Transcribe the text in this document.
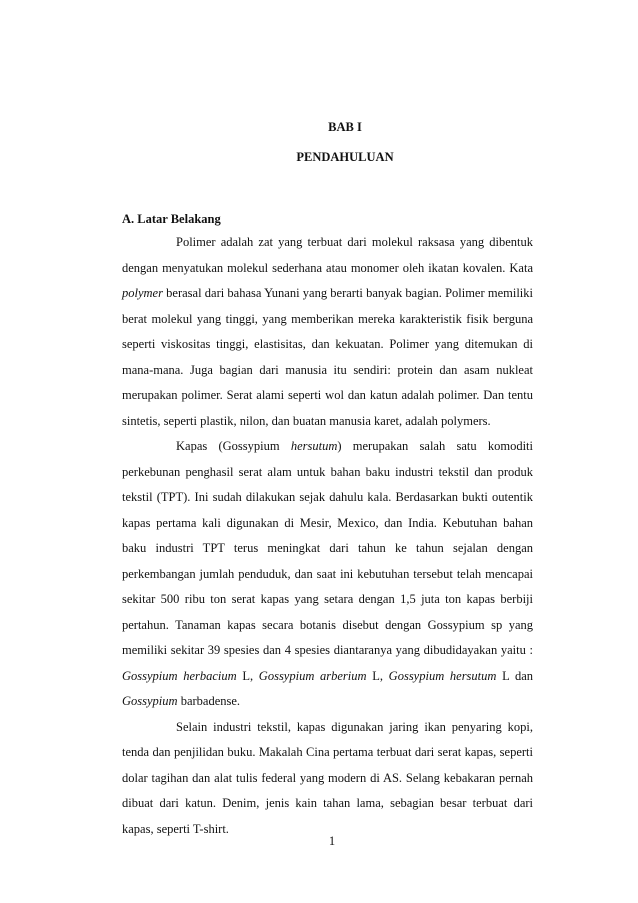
BAB I
PENDAHULUAN
A. Latar Belakang

Polimer adalah zat yang terbuat dari molekul raksasa yang dibentuk dengan menyatukan molekul sederhana atau monomer oleh ikatan kovalen. Kata polymer berasal dari bahasa Yunani yang berarti banyak bagian. Polimer memiliki berat molekul yang tinggi, yang memberikan mereka karakteristik fisik berguna seperti viskositas tinggi, elastisitas, dan kekuatan. Polimer yang ditemukan di mana-mana. Juga bagian dari manusia itu sendiri: protein dan asam nukleat merupakan polimer. Serat alami seperti wol dan katun adalah polimer. Dan tentu sintetis, seperti plastik, nilon, dan buatan manusia karet, adalah polymers.

Kapas (Gossypium hersutum) merupakan salah satu komoditi perkebunan penghasil serat alam untuk bahan baku industri tekstil dan produk tekstil (TPT). Ini sudah dilakukan sejak dahulu kala. Berdasarkan bukti outentik kapas pertama kali digunakan di Mesir, Mexico, dan India. Kebutuhan bahan baku industri TPT terus meningkat dari tahun ke tahun sejalan dengan perkembangan jumlah penduduk, dan saat ini kebutuhan tersebut telah mencapai sekitar 500 ribu ton serat kapas yang setara dengan 1,5 juta ton kapas berbiji pertahun. Tanaman kapas secara botanis disebut dengan Gossypium sp yang memiliki sekitar 39 spesies dan 4 spesies diantaranya yang dibudidayakan yaitu : Gossypium herbacium L, Gossypium arberium L, Gossypium hersutum L dan Gossypium barbadense.

Selain industri tekstil, kapas digunakan jaring ikan penyaring kopi, tenda dan penjilidan buku. Makalah Cina pertama terbuat dari serat kapas, seperti dolar tagihan dan alat tulis federal yang modern di AS. Selang kebakaran pernah dibuat dari katun. Denim, jenis kain tahan lama, sebagian besar terbuat dari kapas, seperti T-shirt.

1
